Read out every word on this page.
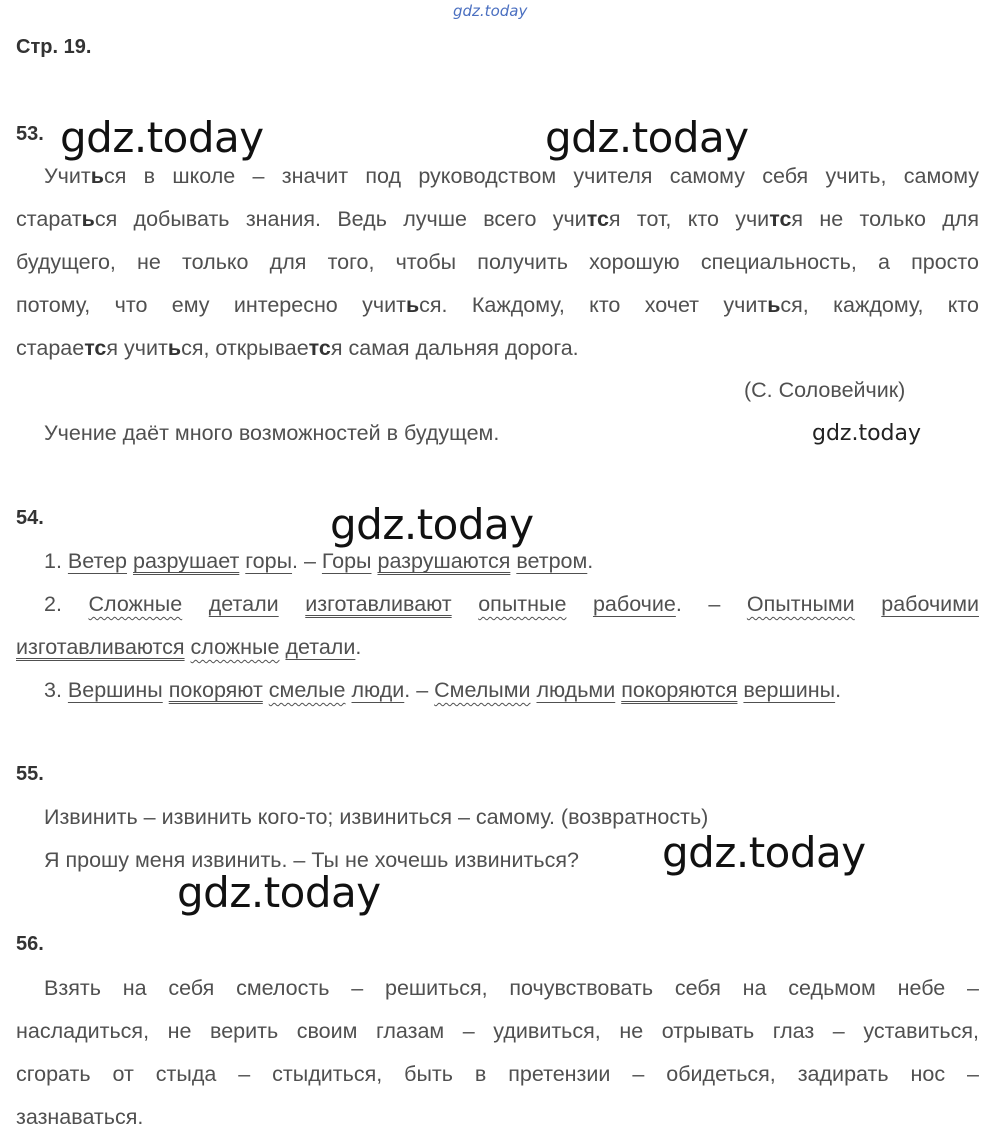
gdz.today
Стр. 19.
53. gdz.today	gdz.today
Учиться в школе – значит под руководством учителя самому себя учить, самому
стараться добывать знания. Ведь лучше всего учится тот, кто учится не только для
будущего, не только для того, чтобы получить хорошую специальность, а просто
потому, что ему интересно учиться. Каждому, кто хочет учиться, каждому, кто
стараeтся учиться, открываeтся самая дальняя дорога.
(С. Соловейчик)
Учение даёт много возможностей в будущем.	gdz.today
54.	gdz.today
1. Ветер разрушает горы. – Горы разрушаются ветром.
2. Сложные детали изготавливают опытные рабочие. – Опытными рабочими
изготавливаются сложные детали.
3. Вершины покоряют смелые люди. – Смелыми людьми покоряются вершины.
55.
Извинить – извинить кого-то; извиниться – самому. (возвратность)
Я прошу меня извинить. – Ты не хочешь извиниться? gdz.today
gdz.today
56.
Взять на себя смелость – решиться, почувствовать себя на седьмом небе –
насладиться, не верить своим глазам – удивиться, не отрывать глаз – уставиться,
сгорать от стыда – стыдиться, быть в претензии – обидеться, задирать нос –
зазнаваться.
